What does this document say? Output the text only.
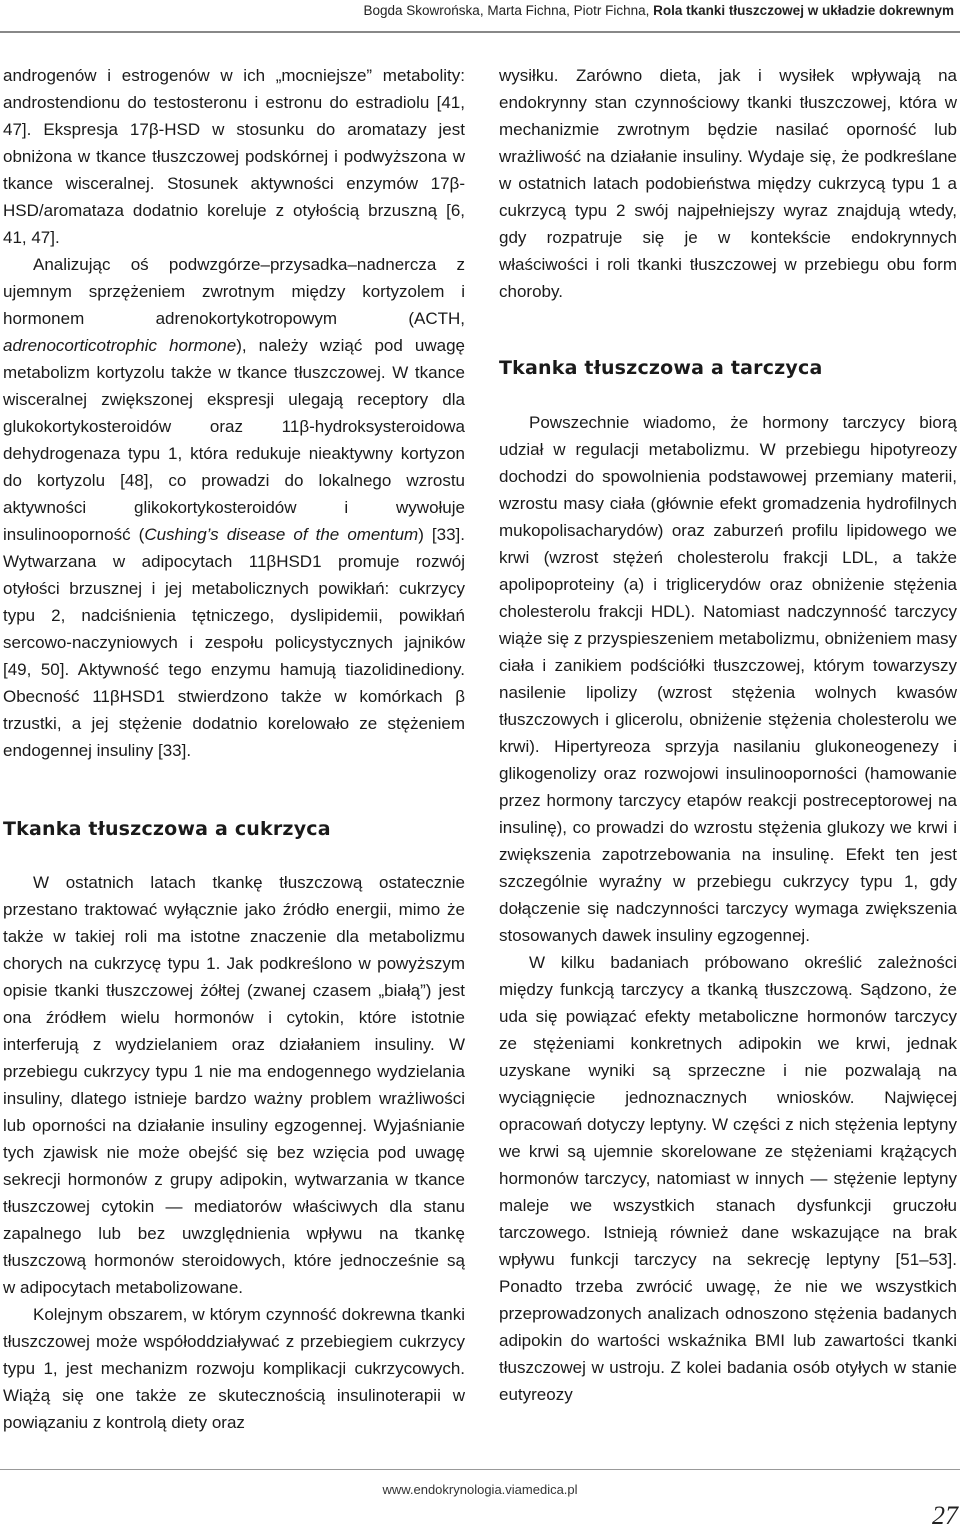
Bogda Skowrońska, Marta Fichna, Piotr Fichna, Rola tkanki tłuszczowej w układzie dokrewnym

androgenów i estrogenów w ich „mocniejsze” metabolity: androstendionu do testosteronu i estronu do estradiolu [41, 47]. Ekspresja 17β-HSD w stosunku do aromatazy jest obniżona w tkance tłuszczowej podskórnej i podwyższona w tkance wisceralnej. Stosunek aktywności enzymów 17β-HSD/aromataza dodatnio koreluje z otyłością brzuszną [6, 41, 47].

Analizując oś podwzgórze–przysadka–nadnercza z ujemnym sprzężeniem zwrotnym między kortyzolem i hormonem adrenokortykotropowym (ACTH, adrenocorticotrophic hormone), należy wziąć pod uwagę metabolizm kortyzolu także w tkance tłuszczowej. W tkance wisceralnej zwiększonej ekspresji ulegają receptory dla glukokortykosteroidów oraz 11β-hydroksysteroidowa dehydrogenaza typu 1, która redukuje nieaktywny kortyzon do kortyzolu [48], co prowadzi do lokalnego wzrostu aktywności glikokortykosteroidów i wywołuje insulinooporność (Cushing’s disease of the omentum) [33]. Wytwarzana w adipocytach 11βHSD1 promuje rozwój otyłości brzusznej i jej metabolicznych powikłań: cukrzycy typu 2, nadciśnienia tętniczego, dyslipidemii, powikłań sercowo-naczyniowych i zespołu policystycznych jajników [49, 50]. Aktywność tego enzymu hamują tiazolidinediony. Obecność 11βHSD1 stwierdzono także w komórkach β trzustki, a jej stężenie dodatnio korelowało ze stężeniem endogennej insuliny [33].

Tkanka tłuszczowa a cukrzyca

W ostatnich latach tkankę tłuszczową ostatecznie przestano traktować wyłącznie jako źródło energii, mimo że także w takiej roli ma istotne znaczenie dla metabolizmu chorych na cukrzycę typu 1. Jak podkreślono w powyższym opisie tkanki tłuszczowej żółtej (zwanej czasem „białą”) jest ona źródłem wielu hormonów i cytokin, które istotnie interferują z wydzielaniem oraz działaniem insuliny. W przebiegu cukrzycy typu 1 nie ma endogennego wydzielania insuliny, dlatego istnieje bardzo ważny problem wrażliwości lub oporności na działanie insuliny egzogennej. Wyjaśnianie tych zjawisk nie może obejść się bez wzięcia pod uwagę sekrecji hormonów z grupy adipokin, wytwarzania w tkance tłuszczowej cytokin — mediatorów właściwych dla stanu zapalnego lub bez uwzględnienia wpływu na tkankę tłuszczową hormonów steroidowych, które jednocześnie są w adipocytach metabolizowane.

Kolejnym obszarem, w którym czynność dokrewna tkanki tłuszczowej może współoddziaływać z przebiegiem cukrzycy typu 1, jest mechanizm rozwoju komplikacji cukrzycowych. Wiążą się one także ze skutecznością insulinoterapii w powiązaniu z kontrolą diety oraz

wysiłku. Zarówno dieta, jak i wysiłek wpływają na endokrynny stan czynnościowy tkanki tłuszczowej, która w mechanizmie zwrotnym będzie nasilać oporność lub wrażliwość na działanie insuliny. Wydaje się, że podkreślane w ostatnich latach podobieństwa między cukrzycą typu 1 a cukrzycą typu 2 swój najpełniejszy wyraz znajdują wtedy, gdy rozpatruje się je w kontekście endokrynnych właściwości i roli tkanki tłuszczowej w przebiegu obu form choroby.

Tkanka tłuszczowa a tarczyca

Powszechnie wiadomo, że hormony tarczycy biorą udział w regulacji metabolizmu. W przebiegu hipotyreozy dochodzi do spowolnienia podstawowej przemiany materii, wzrostu masy ciała (głównie efekt gromadzenia hydrofilnych mukopolisacharydów) oraz zaburzeń profilu lipidowego we krwi (wzrost stężeń cholesterolu frakcji LDL, a także apolipoproteiny (a) i triglicerydów oraz obniżenie stężenia cholesterolu frakcji HDL). Natomiast nadczynność tarczycy wiąże się z przyspieszeniem metabolizmu, obniżeniem masy ciała i zanikiem podściółki tłuszczowej, którym towarzyszy nasilenie lipolizy (wzrost stężenia wolnych kwasów tłuszczowych i glicerolu, obniżenie stężenia cholesterolu we krwi). Hipertyreoza sprzyja nasilaniu glukoneogenezy i glikogenolizy oraz rozwojowi insulinooporności (hamowanie przez hormony tarczycy etapów reakcji postreceptorowej na insulinę), co prowadzi do wzrostu stężenia glukozy we krwi i zwiększenia zapotrzebowania na insulinę. Efekt ten jest szczególnie wyraźny w przebiegu cukrzycy typu 1, gdy dołączenie się nadczynności tarczycy wymaga zwiększenia stosowanych dawek insuliny egzogennej.

W kilku badaniach próbowano określić zależności między funkcją tarczycy a tkanką tłuszczową. Sądzono, że uda się powiązać efekty metaboliczne hormonów tarczycy ze stężeniami konkretnych adipokin we krwi, jednak uzyskane wyniki są sprzeczne i nie pozwalają na wyciągnięcie jednoznacznych wniosków. Najwięcej opracowań dotyczy leptyny. W części z nich stężenia leptyny we krwi są ujemnie skorelowane ze stężeniami krążących hormonów tarczycy, natomiast w innych — stężenie leptyny maleje we wszystkich stanach dysfunkcji gruczołu tarczowego. Istnieją również dane wskazujące na brak wpływu funkcji tarczycy na sekrecję leptyny [51–53]. Ponadto trzeba zwrócić uwagę, że nie we wszystkich przeprowadzonych analizach odnoszono stężenia badanych adipokin do wartości wskaźnika BMI lub zawartości tkanki tłuszczowej w ustroju. Z kolei badania osób otyłych w stanie eutyreozy

www.endokrynologia.viamedica.pl
27
